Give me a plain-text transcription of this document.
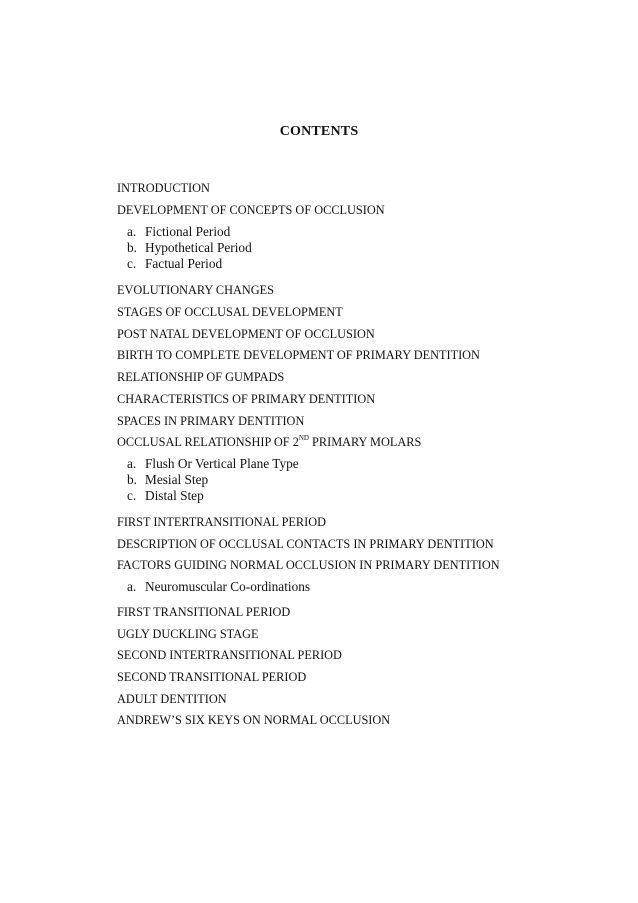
CONTENTS
INTRODUCTION
DEVELOPMENT OF CONCEPTS OF OCCLUSION
a. Fictional Period
b. Hypothetical Period
c. Factual Period
EVOLUTIONARY CHANGES
STAGES OF OCCLUSAL DEVELOPMENT
POST NATAL DEVELOPMENT OF OCCLUSION
BIRTH TO COMPLETE DEVELOPMENT OF PRIMARY DENTITION
RELATIONSHIP OF GUMPADS
CHARACTERISTICS OF PRIMARY DENTITION
SPACES IN PRIMARY DENTITION
OCCLUSAL RELATIONSHIP OF 2ND PRIMARY MOLARS
a. Flush Or Vertical Plane Type
b. Mesial Step
c. Distal Step
FIRST INTERTRANSITIONAL PERIOD
DESCRIPTION OF OCCLUSAL CONTACTS IN PRIMARY DENTITION
FACTORS GUIDING NORMAL OCCLUSION IN PRIMARY DENTITION
a. Neuromuscular Co-ordinations
FIRST TRANSITIONAL PERIOD
UGLY DUCKLING STAGE
SECOND INTERTRANSITIONAL PERIOD
SECOND TRANSITIONAL PERIOD
ADULT DENTITION
ANDREW’S SIX KEYS ON NORMAL OCCLUSION
